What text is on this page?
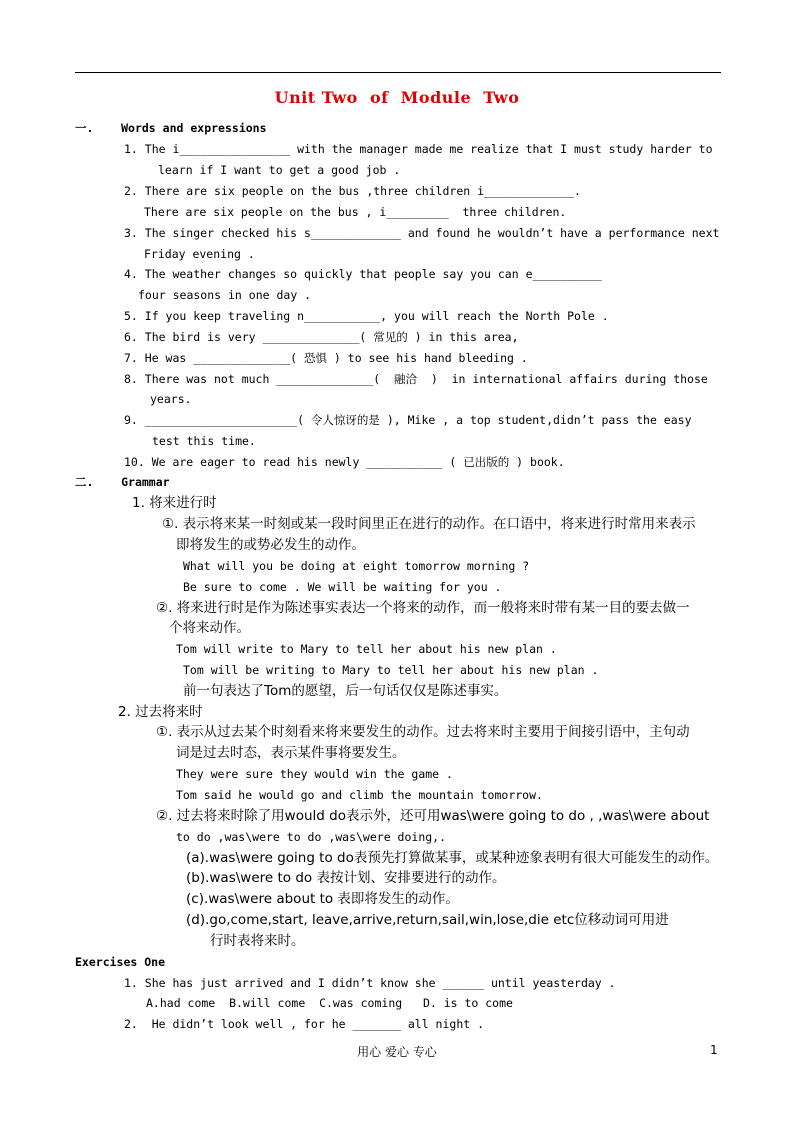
Unit Two  of  Module  Two
一.    Words and expressions
1. The i________________ with the manager made me realize that I must study harder to
learn if I want to get a good job .
2. There are six people on the bus ,three children i_____________.
There are six people on the bus , i_________  three children.
3. The singer checked his s_____________ and found he wouldn’t have a performance next
Friday evening .
4. The weather changes so quickly that people say you can e__________
four seasons in one day .
5. If you keep traveling n___________, you will reach the North Pole .
6. The bird is very ______________( 常见的 ) in this area,
7. He was ______________( 恐惧 ) to see his hand bleeding .
8. There was not much ______________(  融洽  )  in international affairs during those
years.
9. ______________________( 令人惊讶的是 ), Mike , a top student,didn’t pass the easy
test this time.
10. We are eager to read his newly ___________ ( 已出版的 ) book.
二.    Grammar
1. 将来进行时
①. 表示将来某一时刻或某一段时间里正在进行的动作。在口语中，将来进行时常用来表示
即将发生的或势必发生的动作。
What will you be doing at eight tomorrow morning ?
Be sure to come . We will be waiting for you .
②. 将来进行时是作为陈述事实表达一个将来的动作，而一般将来时带有某一目的要去做一
个将来动作。
Tom will write to Mary to tell her about his new plan .
Tom will be writing to Mary to tell her about his new plan .
前一句表达了Tom的愿望，后一句话仅仅是陈述事实。
2. 过去将来时
①. 表示从过去某个时刻看来将来要发生的动作。过去将来时主要用于间接引语中，主句动
词是过去时态，表示某件事将要发生。
They were sure they would win the game .
Tom said he would go and climb the mountain tomorrow.
②. 过去将来时除了用would do表示外，还可用was\were going to do , ,was\were about
to do ,was\were to do ,was\were doing,.
(a).was\were going to do表预先打算做某事，或某种迹象表明有很大可能发生的动作。
(b).was\were to do 表按计划、安排要进行的动作。
(c).was\were about to 表即将发生的动作。
(d).go,come,start, leave,arrive,return,sail,win,lose,die etc位移动词可用进
行时表将来时。
Exercises One
1. She has just arrived and I didn’t know she ______ until yeasterday .
A.had come  B.will come  C.was coming   D. is to come
2.  He didn’t look well , for he _______ all night .
用心 爱心 专心	1
